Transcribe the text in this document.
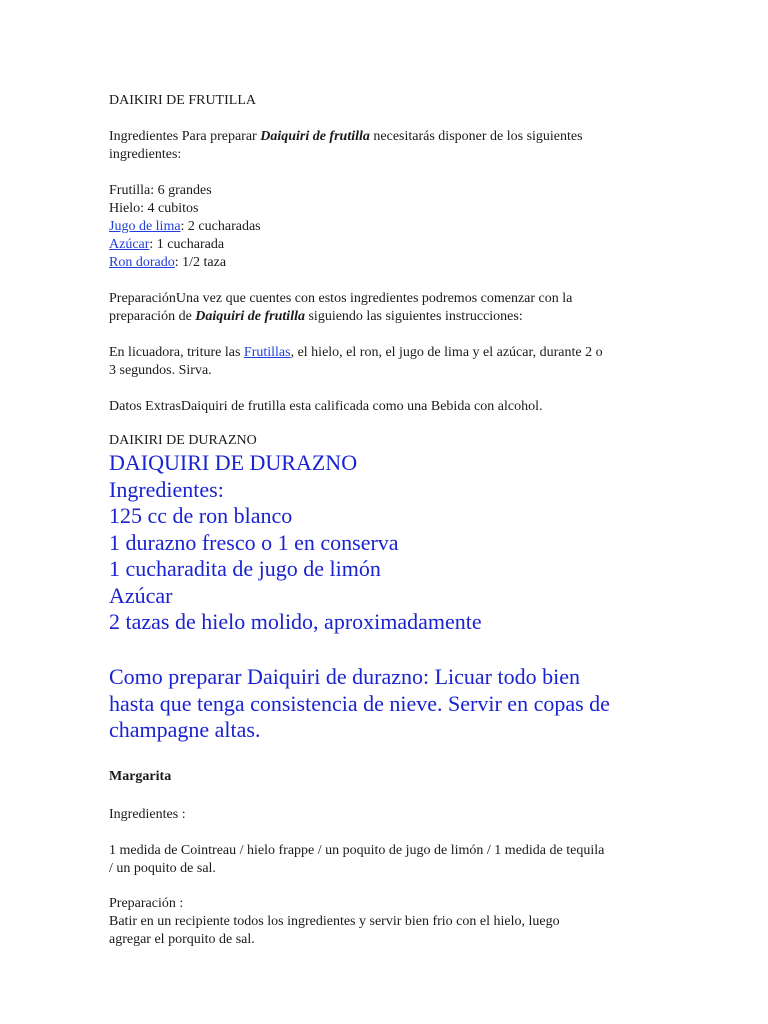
DAIKIRI DE FRUTILLA

Ingredientes Para preparar Daiquiri de frutilla necesitarás disponer de los siguientes

ingredientes:

Frutilla: 6 grandes

Hielo: 4 cubitos

Jugo de lima: 2 cucharadas

Azúcar: 1 cucharada

Ron dorado: 1/2 taza

PreparaciónUna vez que cuentes con estos ingredientes podremos comenzar con la

preparación de Daiquiri de frutilla siguiendo las siguientes instrucciones:

En licuadora, triture las Frutillas, el hielo, el ron, el jugo de lima y el azúcar, durante 2 o

3 segundos. Sirva.

Datos ExtrasDaiquiri de frutilla esta calificada como una Bebida con alcohol.

DAIKIRI DE DURAZNO

DAIQUIRI DE DURAZNO

Ingredientes:

125 cc de ron blanco

1 durazno fresco o 1 en conserva

1 cucharadita de jugo de limón

Azúcar

2 tazas de hielo molido, aproximadamente

Como preparar Daiquiri de durazno: Licuar todo bien

hasta que tenga consistencia de nieve. Servir en copas de

champagne altas.

Margarita

Ingredientes :

1 medida de Cointreau / hielo frappe / un poquito de jugo de limón / 1 medida de tequila

/ un poquito de sal.

Preparación :

Batir en un recipiente todos los ingredientes y servir bien frio con el hielo, luego

agregar el porquito de sal.
